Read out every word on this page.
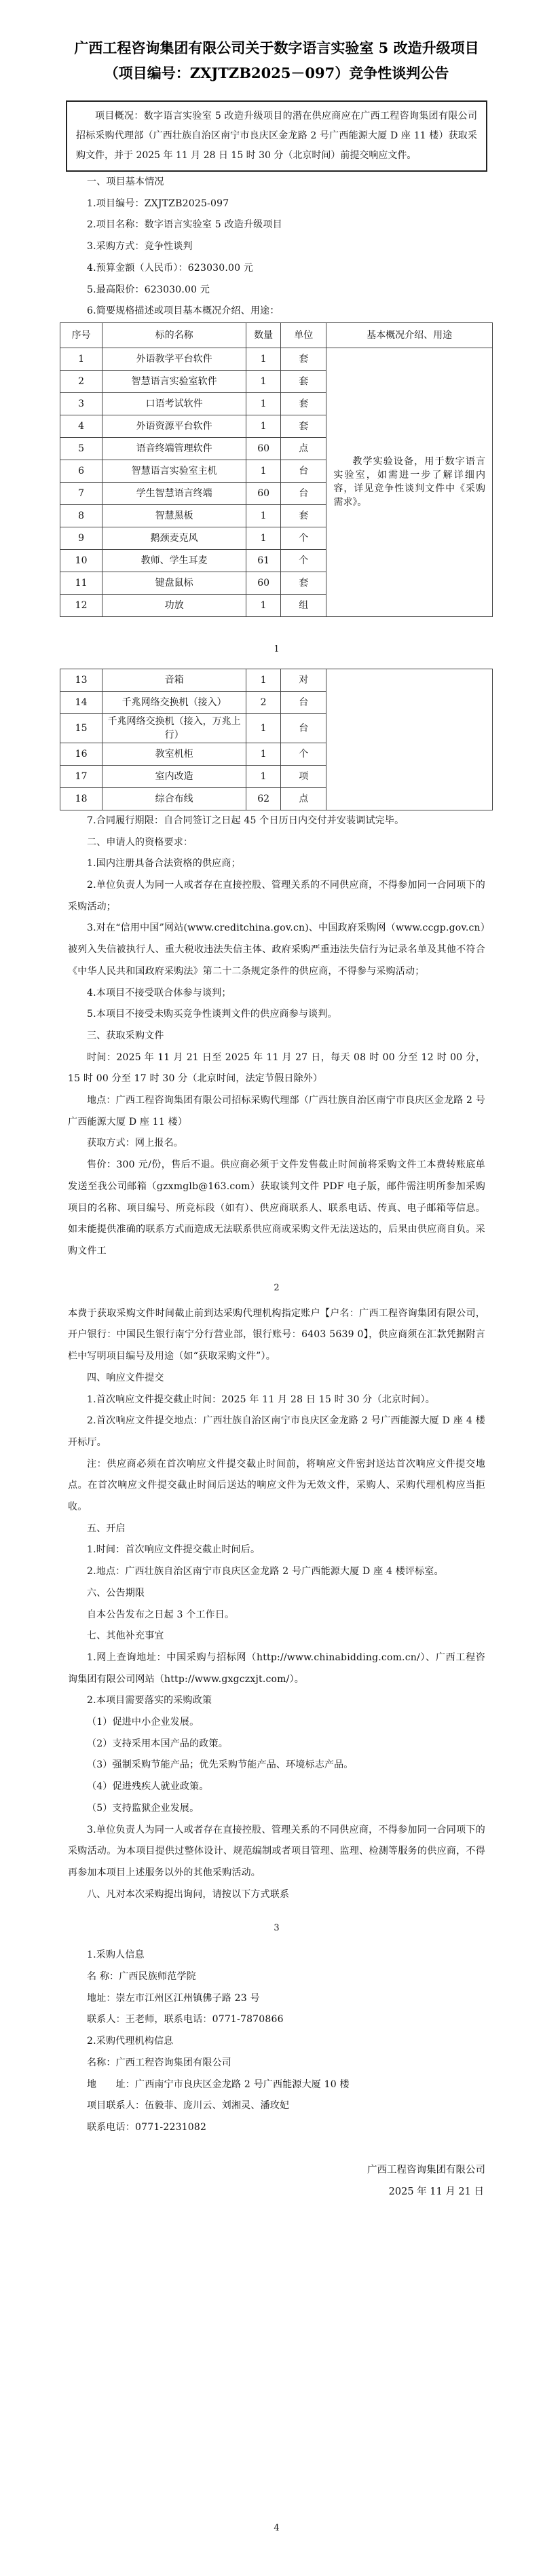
广西工程咨询集团有限公司关于数字语言实验室 5 改造升级项目
（项目编号：ZXJTZB2025－097）竞争性谈判公告

项目概况：数字语言实验室 5 改造升级项目的潜在供应商应在广西工程咨询集团有限公司招标采购代理部（广西壮族自治区南宁市良庆区金龙路 2 号广西能源大厦 D 座 11 楼）获取采购文件，并于 2025 年 11 月 28 日 15 时 30 分（北京时间）前提交响应文件。

一、项目基本情况

1.项目编号：ZXJTZB2025-097

2.项目名称：数字语言实验室 5 改造升级项目

3.采购方式：竞争性谈判

4.预算金额（人民币）：623030.00 元

5.最高限价：623030.00 元

6.简要规格描述或项目基本概况介绍、用途：

序号	标的名称	数量	单位	基本概况介绍、用途
1	外语教学平台软件	1	套	教学实验设备，用于数字语言实验室，如需进一步了解详细内容，详见竞争性谈判文件中《采购需求》。

2	智慧语言实验室软件	1	套	
3	口语考试软件	1	套	
4	外语资源平台软件	1	套	
5	语音终端管理软件	60	点	
6	智慧语言实验室主机	1	台	
7	学生智慧语言终端	60	台	
8	智慧黑板	1	套	
9	鹅颈麦克风	1	个	
10	教师、学生耳麦	61	个	
11	键盘鼠标	60	套	
12	功放	1	组	

1

13	音箱	1	对	
14	千兆网络交换机（接入）	2	台	
15	千兆网络交换机（接入，万兆上行）	1	台	
16	教室机柜	1	个	
17	室内改造	1	项	
18	综合布线	62	点	

7.合同履行期限：自合同签订之日起 45 个日历日内交付并安装调试完毕。

二、申请人的资格要求：

1.国内注册具备合法资格的供应商；

2.单位负责人为同一人或者存在直接控股、管理关系的不同供应商，不得参加同一合同项下的采购活动；

3.对在“信用中国”网站(www.creditchina.gov.cn)、中国政府采购网（www.ccgp.gov.cn）被列入失信被执行人、重大税收违法失信主体、政府采购严重违法失信行为记录名单及其他不符合《中华人民共和国政府采购法》第二十二条规定条件的供应商，不得参与采购活动；

4.本项目不接受联合体参与谈判；

5.本项目不接受未购买竞争性谈判文件的供应商参与谈判。

三、获取采购文件

时间：2025 年 11 月 21 日至 2025 年 11 月 27 日，每天 08 时 00 分至 12 时 00 分，15 时 00 分至 17 时 30 分（北京时间，法定节假日除外）

地点：广西工程咨询集团有限公司招标采购代理部（广西壮族自治区南宁市良庆区金龙路 2 号广西能源大厦 D 座 11 楼）

获取方式：网上报名。

售价：300 元/份，售后不退。供应商必须于文件发售截止时间前将采购文件工本费转账底单发送至我公司邮箱（gzxmglb@163.com）获取谈判文件 PDF 电子版，邮件需注明所参加采购项目的名称、项目编号、所竞标段（如有）、供应商联系人、联系电话、传真、电子邮箱等信息。如未能提供准确的联系方式而造成无法联系供应商或采购文件无法送达的，后果由供应商自负。采购文件工

2

本费于获取采购文件时间截止前到达采购代理机构指定账户【户名：广西工程咨询集团有限公司，开户银行：中国民生银行南宁分行营业部，银行账号：6403 5639 0】，供应商须在汇款凭据附言栏中写明项目编号及用途（如“获取采购文件”）。

四、响应文件提交

1.首次响应文件提交截止时间：2025 年 11 月 28 日 15 时 30 分（北京时间）。

2.首次响应文件提交地点：广西壮族自治区南宁市良庆区金龙路 2 号广西能源大厦 D 座 4 楼开标厅。

注：供应商必须在首次响应文件提交截止时间前，将响应文件密封送达首次响应文件提交地点。在首次响应文件提交截止时间后送达的响应文件为无效文件，采购人、采购代理机构应当拒收。

五、开启

1.时间：首次响应文件提交截止时间后。

2.地点：广西壮族自治区南宁市良庆区金龙路 2 号广西能源大厦 D 座 4 楼评标室。

六、公告期限

自本公告发布之日起 3 个工作日。

七、其他补充事宜

1.网上查询地址：中国采购与招标网（http://www.chinabidding.com.cn/）、广西工程咨询集团有限公司网站（http://www.gxgczxjt.com/）。

2.本项目需要落实的采购政策

（1）促进中小企业发展。

（2）支持采用本国产品的政策。

（3）强制采购节能产品；优先采购节能产品、环境标志产品。

（4）促进残疾人就业政策。

（5）支持监狱企业发展。

3.单位负责人为同一人或者存在直接控股、管理关系的不同供应商，不得参加同一合同项下的采购活动。为本项目提供过整体设计、规范编制或者项目管理、监理、检测等服务的供应商，不得再参加本项目上述服务以外的其他采购活动。

八、凡对本次采购提出询问，请按以下方式联系

3

1.采购人信息

名 称：广西民族师范学院

地址：崇左市江州区江州镇佛子路 23 号

联系人：王老师，联系电话：0771-7870866

2.采购代理机构信息

名称：广西工程咨询集团有限公司

地　　址：广西南宁市良庆区金龙路 2 号广西能源大厦 10 楼

项目联系人：伍毅菲、庞川云、刘湘灵、潘玫妃

联系电话：0771-2231082

广西工程咨询集团有限公司
2025 年 11 月 21 日

4
